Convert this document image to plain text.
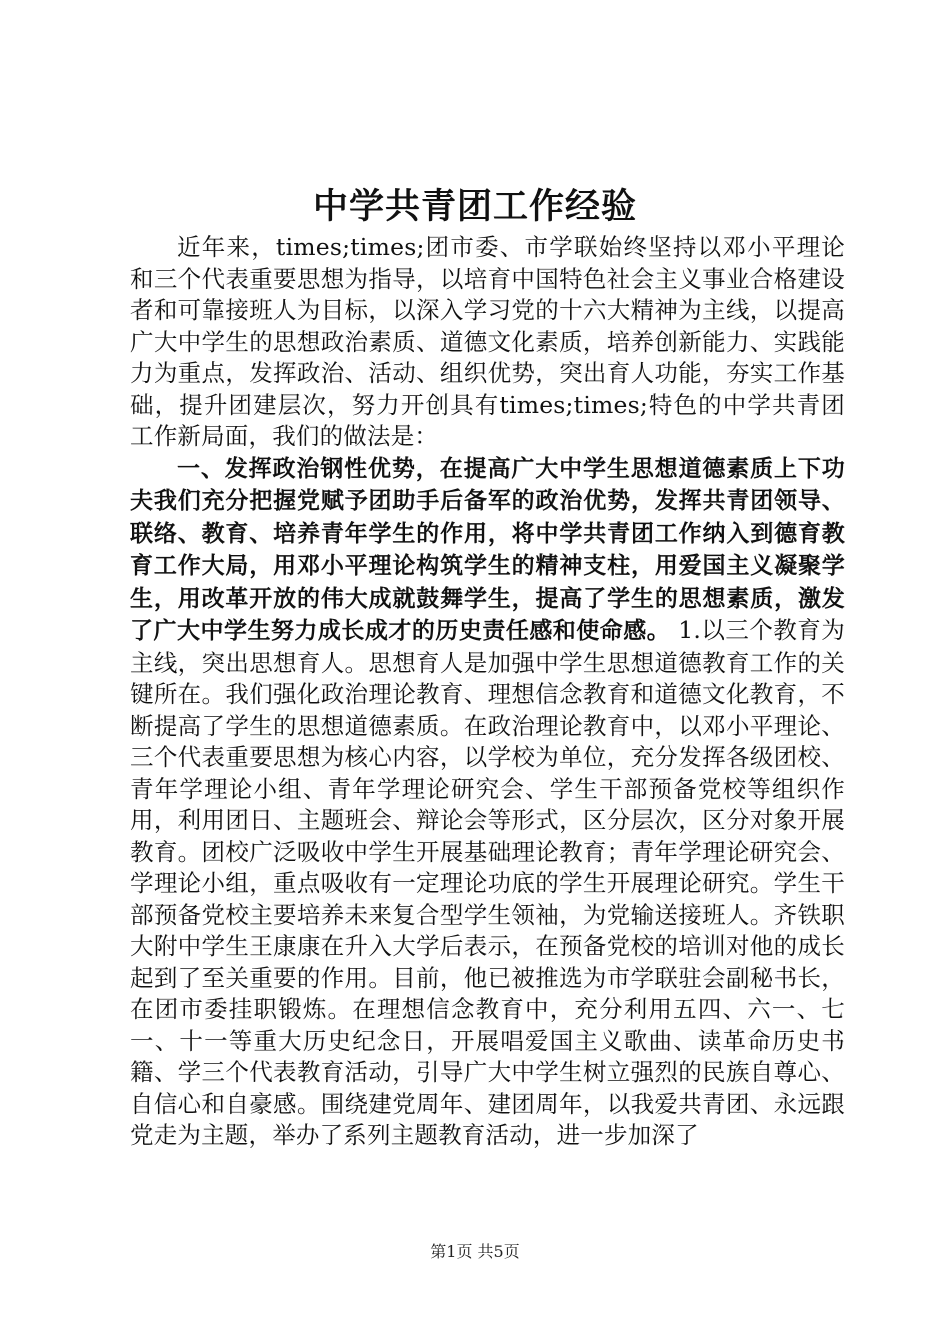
中学共青团工作经验

近年来，times;times;团市委、市学联始终坚持以邓小平理论和三个代表重要思想为指导，以培育中国特色社会主义事业合格建设者和可靠接班人为目标，以深入学习党的十六大精神为主线，以提高广大中学生的思想政治素质、道德文化素质，培养创新能力、实践能力为重点，发挥政治、活动、组织优势，突出育人功能，夯实工作基础，提升团建层次，努力开创具有times;times;特色的中学共青团工作新局面，我们的做法是：

一、发挥政治钢性优势，在提高广大中学生思想道德素质上下功夫我们充分把握党赋予团助手后备军的政治优势，发挥共青团领导、联络、教育、培养青年学生的作用，将中学共青团工作纳入到德育教育工作大局，用邓小平理论构筑学生的精神支柱，用爱国主义凝聚学生，用改革开放的伟大成就鼓舞学生，提高了学生的思想素质，激发了广大中学生努力成长成才的历史责任感和使命感。 1.以三个教育为主线，突出思想育人。思想育人是加强中学生思想道德教育工作的关键所在。我们强化政治理论教育、理想信念教育和道德文化教育，不断提高了学生的思想道德素质。在政治理论教育中，以邓小平理论、三个代表重要思想为核心内容，以学校为单位，充分发挥各级团校、青年学理论小组、青年学理论研究会、学生干部预备党校等组织作用，利用团日、主题班会、辩论会等形式，区分层次，区分对象开展教育。团校广泛吸收中学生开展基础理论教育；青年学理论研究会、学理论小组，重点吸收有一定理论功底的学生开展理论研究。学生干部预备党校主要培养未来复合型学生领袖，为党输送接班人。齐铁职大附中学生王康康在升入大学后表示，在预备党校的培训对他的成长起到了至关重要的作用。目前，他已被推选为市学联驻会副秘书长，在团市委挂职锻炼。在理想信念教育中，充分利用五四、六一、七一、十一等重大历史纪念日，开展唱爱国主义歌曲、读革命历史书籍、学三个代表教育活动，引导广大中学生树立强烈的民族自尊心、自信心和自豪感。围绕建党周年、建团周年，以我爱共青团、永远跟党走为主题，举办了系列主题教育活动，进一步加深了

第1页 共5页
